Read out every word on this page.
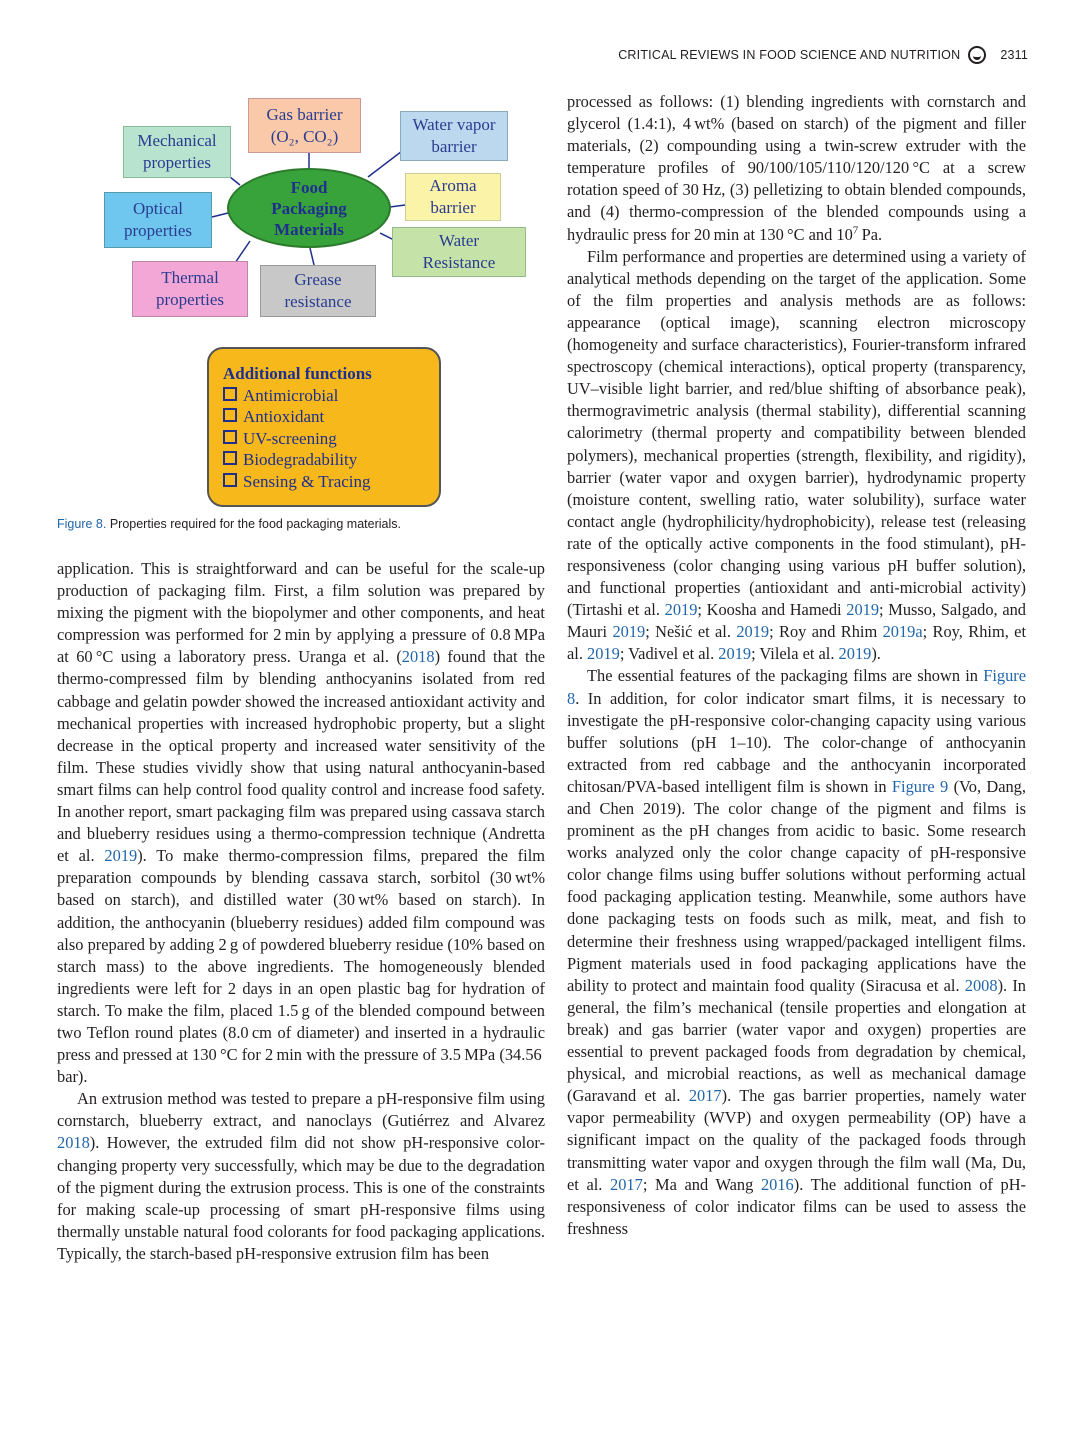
CRITICAL REVIEWS IN FOOD SCIENCE AND NUTRITION	2311
Gas barrier
(O₂, CO₂)
Water vapor
barrier
Mechanical
properties
Aroma
barrier
Optical
properties
Water
Resistance
Thermal
properties
Grease
resistance
Food
Packaging
Materials
Additional functions
Antimicrobial
Antioxidant
UV-screening
Biodegradability
Sensing & Tracing
Figure 8. Properties required for the food packaging materials.

application. This is straightforward and can be useful for the scale-up production of packaging film. First, a film solution was prepared by mixing the pigment with the biopolymer and other components, and heat compression was performed for 2 min by applying a pressure of 0.8 MPa at 60 °C using a laboratory press. Uranga et al. (2018) found that the thermo-compressed film by blending anthocyanins isolated from red cabbage and gelatin powder showed the increased antioxidant activity and mechanical properties with increased hydrophobic property, but a slight decrease in the optical property and increased water sensitivity of the film. These studies vividly show that using natural anthocyanin-based smart films can help control food quality control and increase food safety. In another report, smart packaging film was prepared using cassava starch and blueberry residues using a thermo-compression technique (Andretta et al. 2019). To make thermo-compression films, prepared the film preparation compounds by blending cassava starch, sorbitol (30 wt% based on starch), and distilled water (30 wt% based on starch). In addition, the anthocyanin (blueberry residues) added film compound was also prepared by adding 2 g of powdered blueberry residue (10% based on starch mass) to the above ingredients. The homogeneously blended ingredients were left for 2 days in an open plastic bag for hydration of starch. To make the film, placed 1.5 g of the blended compound between two Teflon round plates (8.0 cm of diameter) and inserted in a hydraulic press and pressed at 130 °C for 2 min with the pressure of 3.5 MPa (34.56 bar).

An extrusion method was tested to prepare a pH-responsive film using cornstarch, blueberry extract, and nanoclays (Gutiérrez and Alvarez 2018). However, the extruded film did not show pH-responsive color-changing property very successfully, which may be due to the degradation of the pigment during the extrusion process. This is one of the constraints for making scale-up processing of smart pH-responsive films using thermally unstable natural food colorants for food packaging applications. Typically, the starch-based pH-responsive extrusion film has been

processed as follows: (1) blending ingredients with cornstarch and glycerol (1.4:1), 4 wt% (based on starch) of the pigment and filler materials, (2) compounding using a twin-screw extruder with the temperature profiles of 90/100/105/110/120/120 °C at a screw rotation speed of 30 Hz, (3) pelletizing to obtain blended compounds, and (4) thermo-compression of the blended compounds using a hydraulic press for 20 min at 130 °C and $10^7$ Pa.

Film performance and properties are determined using a variety of analytical methods depending on the target of the application. Some of the film properties and analysis methods are as follows: appearance (optical image), scanning electron microscopy (homogeneity and surface characteristics), Fourier-transform infrared spectroscopy (chemical interactions), optical property (transparency, UV–visible light barrier, and red/blue shifting of absorbance peak), thermogravimetric analysis (thermal stability), differential scanning calorimetry (thermal property and compatibility between blended polymers), mechanical properties (strength, flexibility, and rigidity), barrier (water vapor and oxygen barrier), hydrodynamic property (moisture content, swelling ratio, water solubility), surface water contact angle (hydrophilicity/hydrophobicity), release test (releasing rate of the optically active components in the food stimulant), pH-responsiveness (color changing using various pH buffer solution), and functional properties (antioxidant and anti-microbial activity) (Tirtashi et al. 2019; Koosha and Hamedi 2019; Musso, Salgado, and Mauri 2019; Nešić et al. 2019; Roy and Rhim 2019a; Roy, Rhim, et al. 2019; Vadivel et al. 2019; Vilela et al. 2019).

The essential features of the packaging films are shown in Figure 8. In addition, for color indicator smart films, it is necessary to investigate the pH-responsive color-changing capacity using various buffer solutions (pH 1–10). The color-change of anthocyanin extracted from red cabbage and the anthocyanin incorporated chitosan/PVA-based intelligent film is shown in Figure 9 (Vo, Dang, and Chen 2019). The color change of the pigment and films is prominent as the pH changes from acidic to basic. Some research works analyzed only the color change capacity of pH-responsive color change films using buffer solutions without performing actual food packaging application testing. Meanwhile, some authors have done packaging tests on foods such as milk, meat, and fish to determine their freshness using wrapped/packaged intelligent films. Pigment materials used in food packaging applications have the ability to protect and maintain food quality (Siracusa et al. 2008). In general, the film’s mechanical (tensile properties and elongation at break) and gas barrier (water vapor and oxygen) properties are essential to prevent packaged foods from degradation by chemical, physical, and microbial reactions, as well as mechanical damage (Garavand et al. 2017). The gas barrier properties, namely water vapor permeability (WVP) and oxygen permeability (OP) have a significant impact on the quality of the packaged foods through transmitting water vapor and oxygen through the film wall (Ma, Du, et al. 2017; Ma and Wang 2016). The additional function of pH-responsiveness of color indicator films can be used to assess the freshness
